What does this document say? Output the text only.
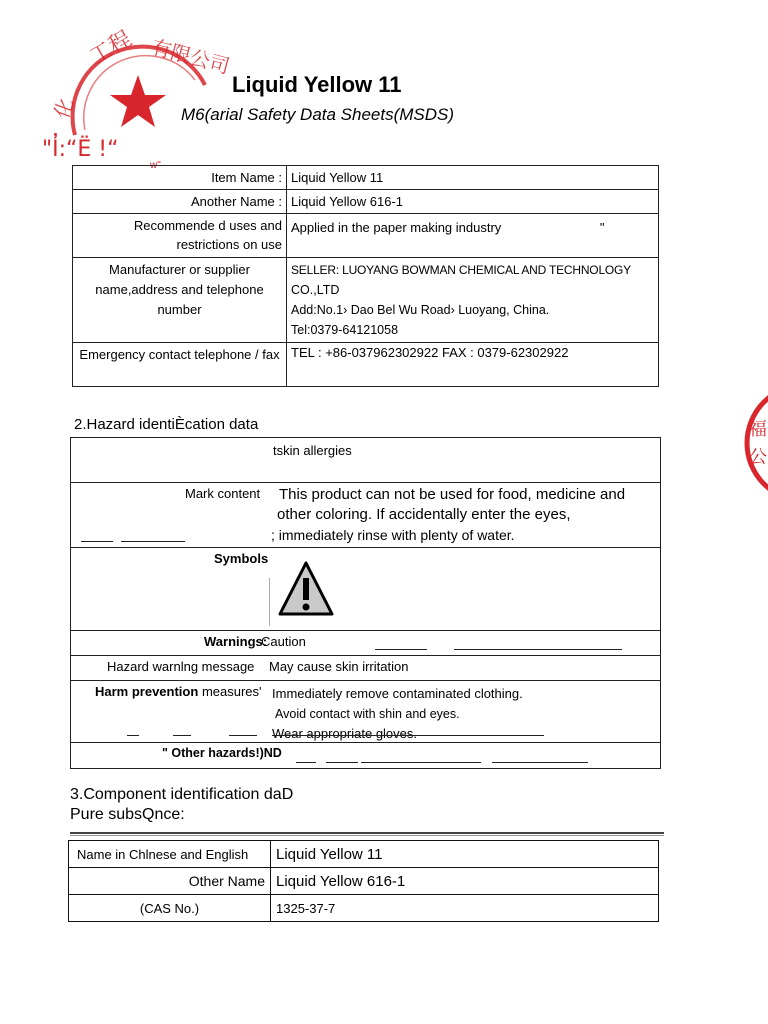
工程 有限公司
化
"I̓:“Ë !“
w"
福
公
Liquid Yellow 11
M6(arial Safety Data Sheets(MSDS)
Item Name :	Liquid Yellow 11
Another Name :	Liquid Yellow 616-1
Recommende d uses and restrictions on use	Applied in the paper making industry "
Manufacturer or supplier name,address and telephone number	SELLER: LUOYANG BOWMAN CHEMICAL AND TECHNOLOGY
CO.,LTD
Add:No.1› Dao Bel Wu Road› Luoyang, China.
Tel:0379-64121058

Emergency contact telephone / fax	TEL : +86-037962302922 FAX : 0379-62302922
2.Hazard identiÈcation data
tskin allergies
Mark content	This product can not be used for food, medicine and
other coloring. If accidentally enter the eyes,
; immediately rinse with plenty of water.
Symbols
Warnings:
Caution
Hazard warnlng message May cause skin irritation
Harm prevention measures' Immediately remove contaminated clothing.
Avoid contact with shin and eyes.
Wear appropriate gloves.
" Other hazards!)ND
3.Component identification daD
Pure subsQnce:
Name in Chlnese and English	Liquid Yellow 11
Other Name	Liquid Yellow 616-1
(CAS No.)	1325-37-7
